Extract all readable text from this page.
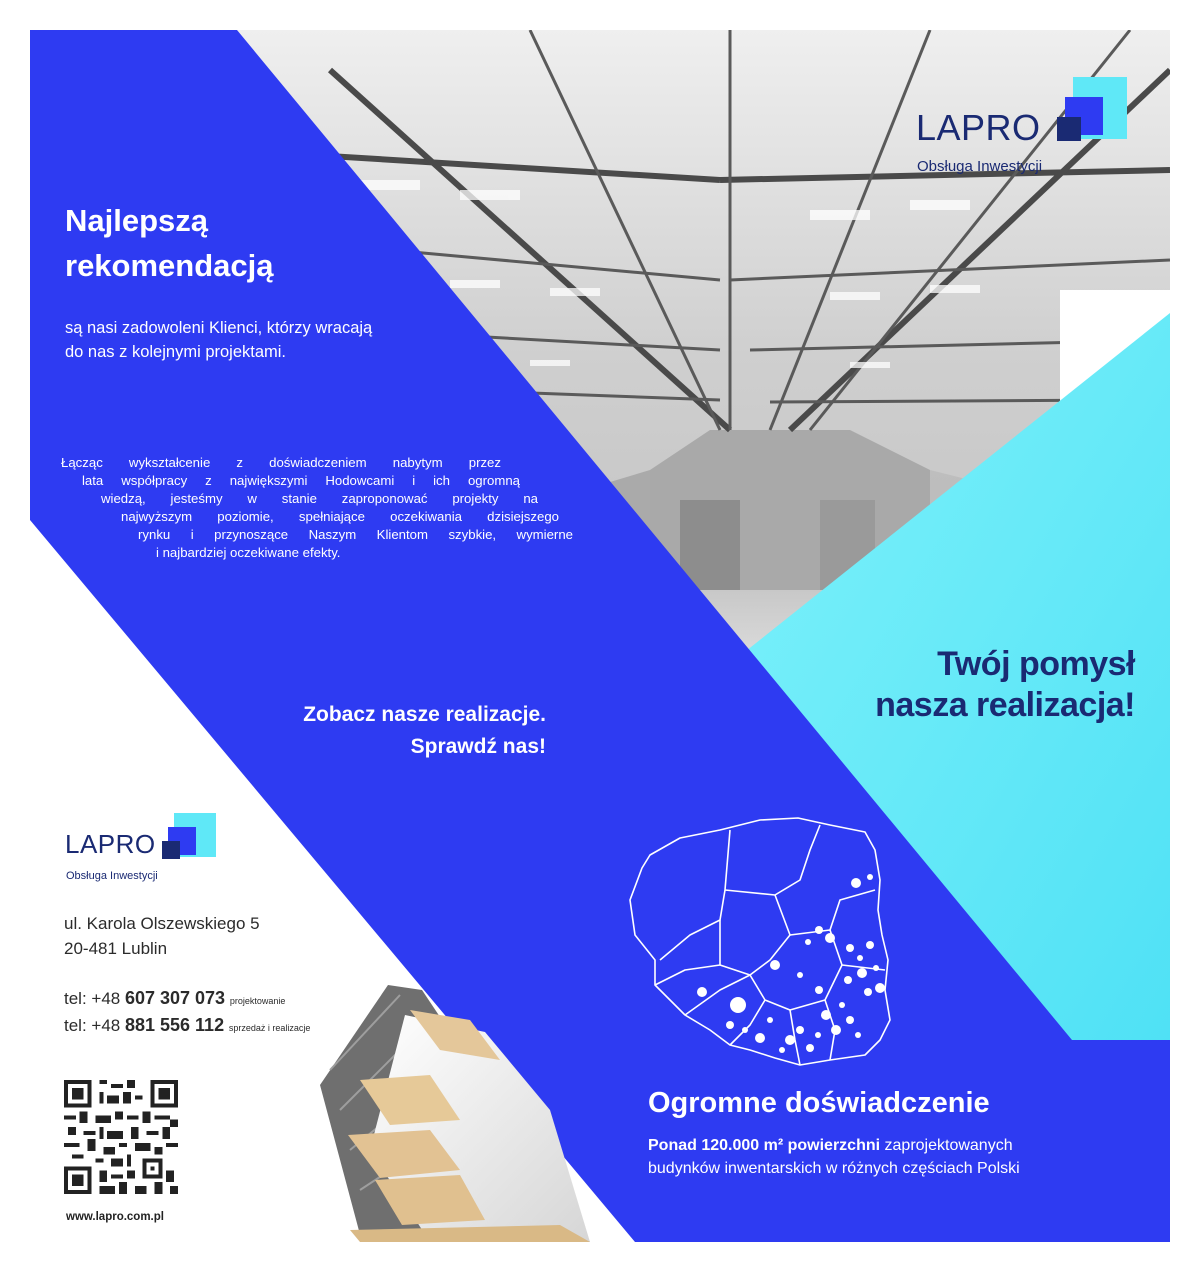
LAPRO
Obsługa Inwestycji
Najlepszą
rekomendacją
są nasi zadowoleni Klienci, którzy wracają
do nas z kolejnymi projektami.
Łącząc wykształcenie z doświadczeniem nabytym przez
lata współpracy z największymi Hodowcami i ich ogromną
wiedzą, jesteśmy w stanie zaproponować projekty na
najwyższym poziomie, spełniające oczekiwania dzisiejszego
rynku i przynoszące Naszym Klientom szybkie, wymierne
i najbardziej oczekiwane efekty.
Zobacz nasze realizacje.
Sprawdź nas!
Twój pomysł
nasza realizacja!
Ogromne doświadczenie
Ponad 120.000 m² powierzchni zaprojektowanych
budynków inwentarskich w różnych częściach Polski
LAPRO
Obsługa Inwestycji
ul. Karola Olszewskiego 5
20-481 Lublin
tel: +48 607 307 073 projektowanie
tel: +48 881 556 112 sprzedaż i realizacje
www.lapro.com.pl
